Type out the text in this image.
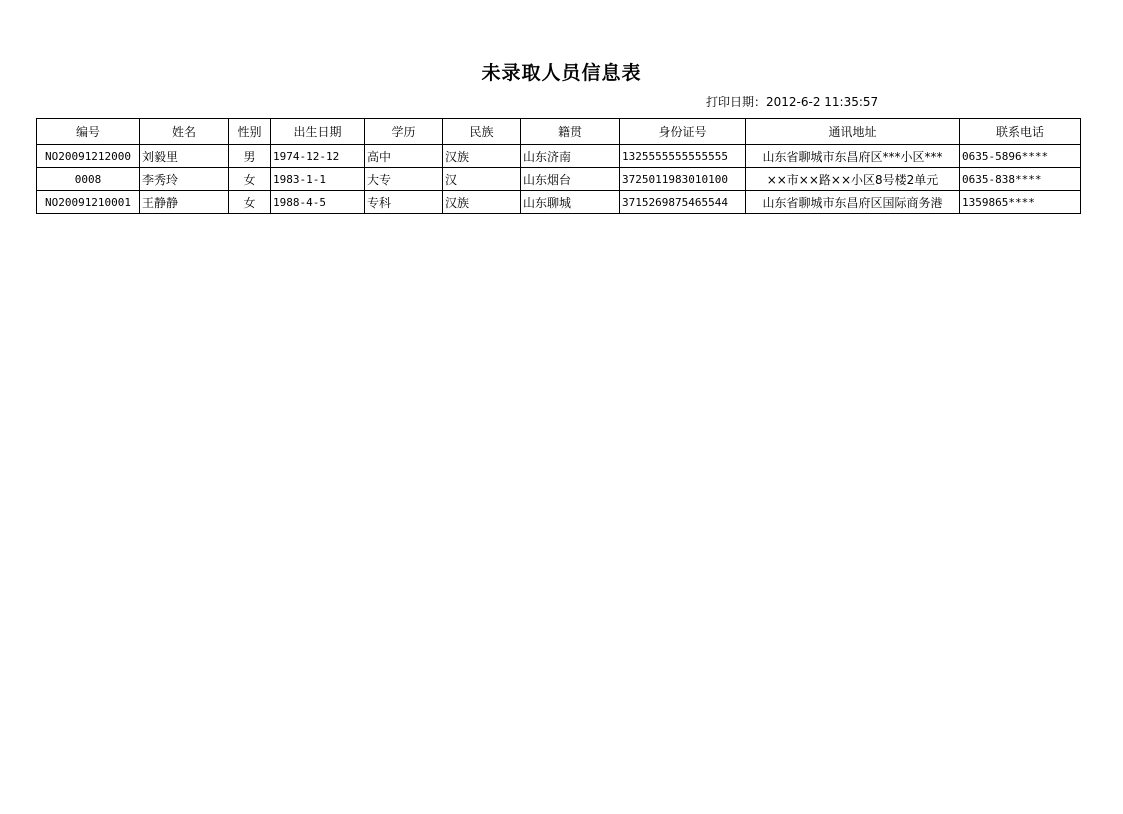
未录取人员信息表
打印日期：2012-6-2 11:35:57
编号	姓名	性别	出生日期	学历	民族	籍贯	身份证号	通讯地址	联系电话
NO20091212000	刘毅里	男	1974-12-12	高中	汉族	山东济南	1325555555555555	山东省聊城市东昌府区***小区***	0635-5896****
0008	李秀玲	女	1983-1-1	大专	汉	山东烟台	3725011983010100	××市××路××小区8号楼2单元	0635-838****
NO20091210001	王静静	女	1988-4-5	专科	汉族	山东聊城	3715269875465544	山东省聊城市东昌府区国际商务港	1359865****
